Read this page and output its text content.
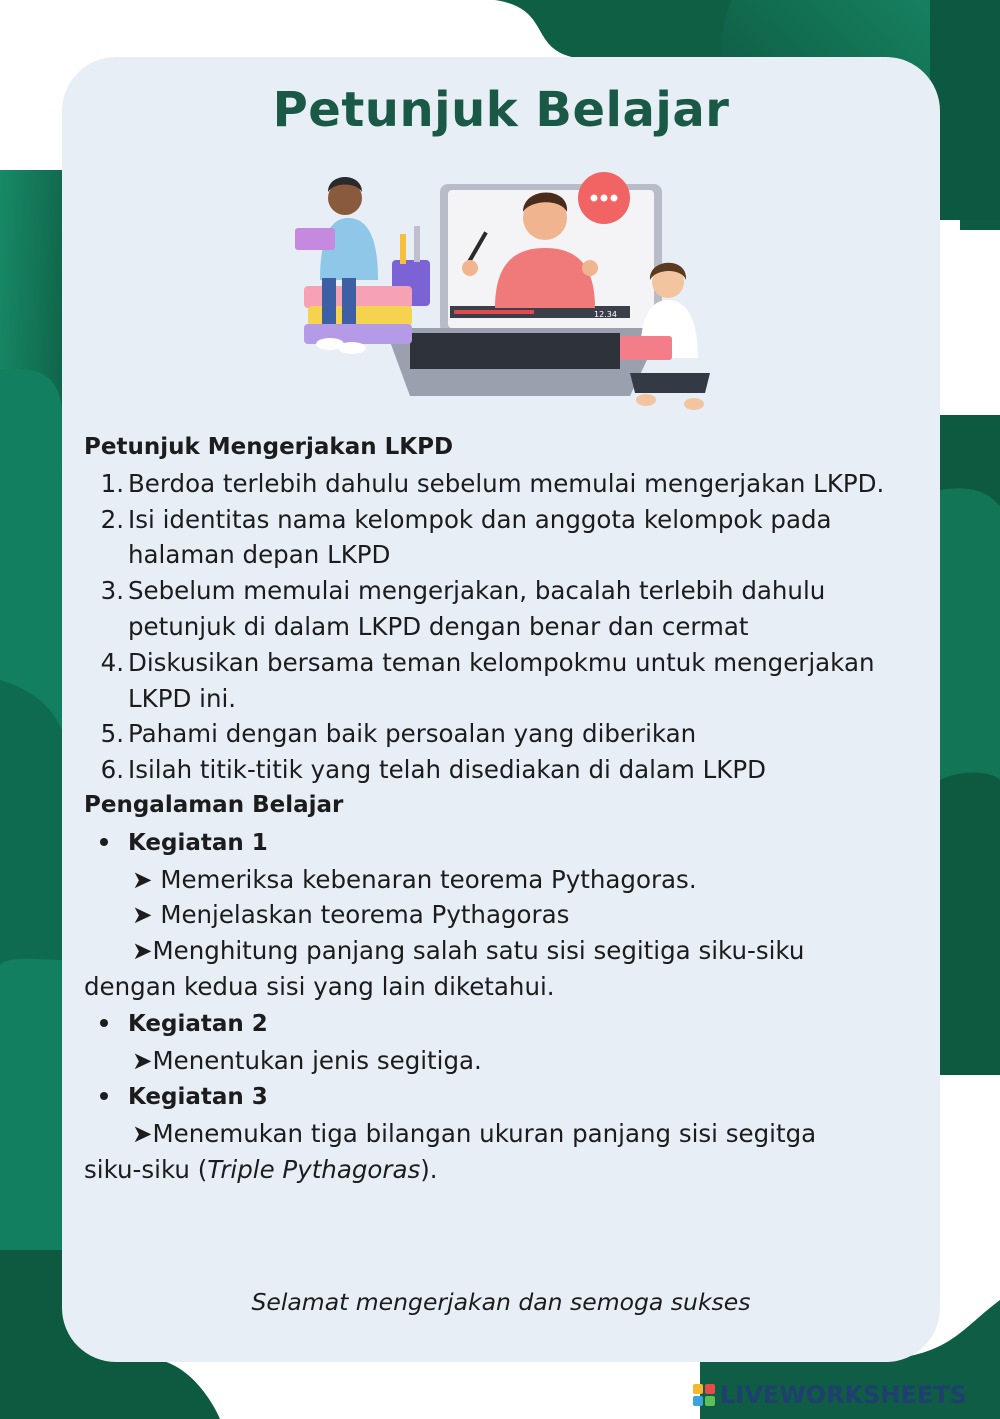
Petunjuk Belajar
12.34
Petunjuk Mengerjakan LKPD
1. Berdoa terlebih dahulu sebelum memulai mengerjakan LKPD.
2. Isi identitas nama kelompok dan anggota kelompok pada
halaman depan LKPD
3. Sebelum memulai mengerjakan, bacalah terlebih dahulu
petunjuk di dalam LKPD dengan benar dan cermat
4. Diskusikan bersama teman kelompokmu untuk mengerjakan
LKPD ini.
5. Pahami dengan baik persoalan yang diberikan
6. Isilah titik-titik yang telah disediakan di dalam LKPD
Pengalaman Belajar
Kegiatan 1
➤ Memeriksa kebenaran teorema Pythagoras.
➤ Menjelaskan teorema Pythagoras
➤Menghitung panjang salah satu sisi segitiga siku-siku
dengan kedua sisi yang lain diketahui.
Kegiatan 2
➤Menentukan jenis segitiga.
Kegiatan 3
➤Menemukan tiga bilangan ukuran panjang sisi segitga
siku-siku (Triple Pythagoras).
Selamat mengerjakan dan semoga sukses
LIVEWORKSHEETS
